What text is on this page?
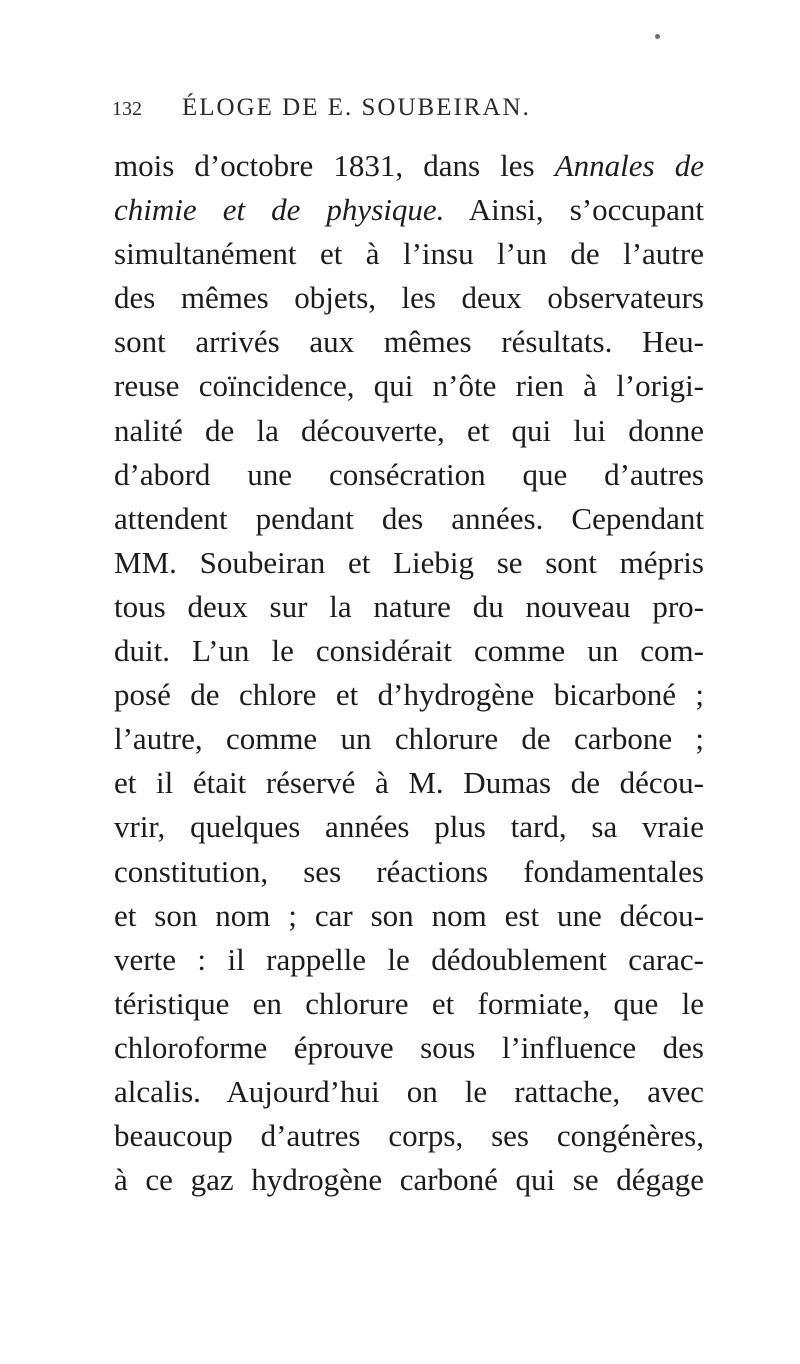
132 ÉLOGE DE E. SOUBEIRAN.
mois d’octobre 1831, dans les Annales de
chimie et de physique. Ainsi, s’occupant
simultanément et à l’insu l’un de l’autre
des mêmes objets, les deux observateurs
sont arrivés aux mêmes résultats. Heu-
reuse coïncidence, qui n’ôte rien à l’origi-
nalité de la découverte, et qui lui donne
d’abord une consécration que d’autres
attendent pendant des années. Cependant
MM. Soubeiran et Liebig se sont mépris
tous deux sur la nature du nouveau pro-
duit. L’un le considérait comme un com-
posé de chlore et d’hydrogène bicarboné ;
l’autre, comme un chlorure de carbone ;
et il était réservé à M. Dumas de décou-
vrir, quelques années plus tard, sa vraie
constitution, ses réactions fondamentales
et son nom ; car son nom est une décou-
verte : il rappelle le dédoublement carac-
téristique en chlorure et formiate, que le
chloroforme éprouve sous l’influence des
alcalis. Aujourd’hui on le rattache, avec
beaucoup d’autres corps, ses congénères,
à ce gaz hydrogène carboné qui se dégage
